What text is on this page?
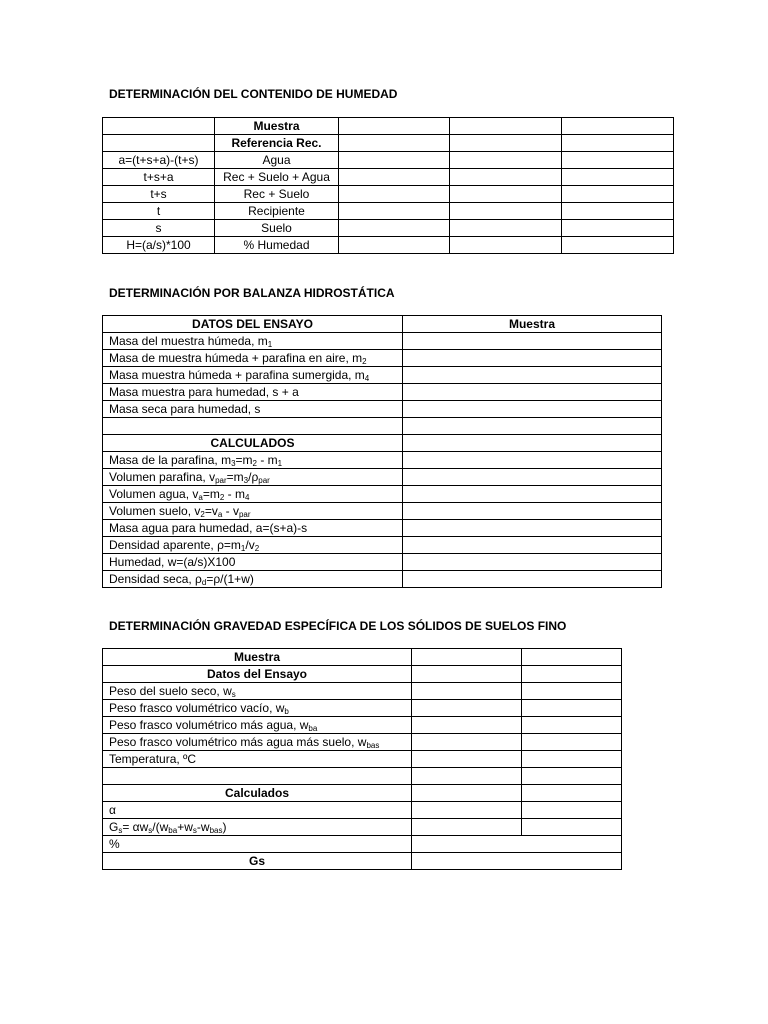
DETERMINACIÓN DEL CONTENIDO DE HUMEDAD
	Muestra			
	Referencia Rec.			
a=(t+s+a)-(t+s)	Agua			
t+s+a	Rec + Suelo + Agua			
t+s	Rec + Suelo			
t	Recipiente			
s	Suelo			
H=(a/s)*100	% Humedad			
DETERMINACIÓN POR BALANZA HIDROSTÁTICA
DATOS DEL ENSAYO	Muestra
Masa del muestra húmeda, $m_1$	
Masa de muestra húmeda + parafina en aire, $m_2$	
Masa muestra húmeda + parafina sumergida, $m_4$	
Masa muestra para humedad, s + a	
Masa seca para humedad, s	

CALCULADOS	
Masa de la parafina, $m_3=m_2 - m_1$	
Volumen parafina, $v_{par}=m_3/\rho_{par}$	
Volumen agua, $v_a=m_2 - m_4$	
Volumen suelo, $v_2=v_a - v_{par}$	
Masa agua para humedad, a=(s+a)-s	
Densidad aparente, $\rho=m_1/v_2$	
Humedad, w=(a/s)X100	
Densidad seca, $\rho_d=\rho/(1+w)$	
DETERMINACIÓN GRAVEDAD ESPECÍFICA DE LOS SÓLIDOS DE SUELOS FINO
Muestra		
Datos del Ensayo		
Peso del suelo seco, $w_s$		
Peso frasco volumétrico vacío, $w_b$		
Peso frasco volumétrico más agua, $w_{ba}$		
Peso frasco volumétrico más agua más suelo, $w_{bas}$		
Temperatura, ºC		

Calculados		
α		
$G_s= \alpha w_s/(w_{ba}+w_s-w_{bas})$		
%		
Gs		
